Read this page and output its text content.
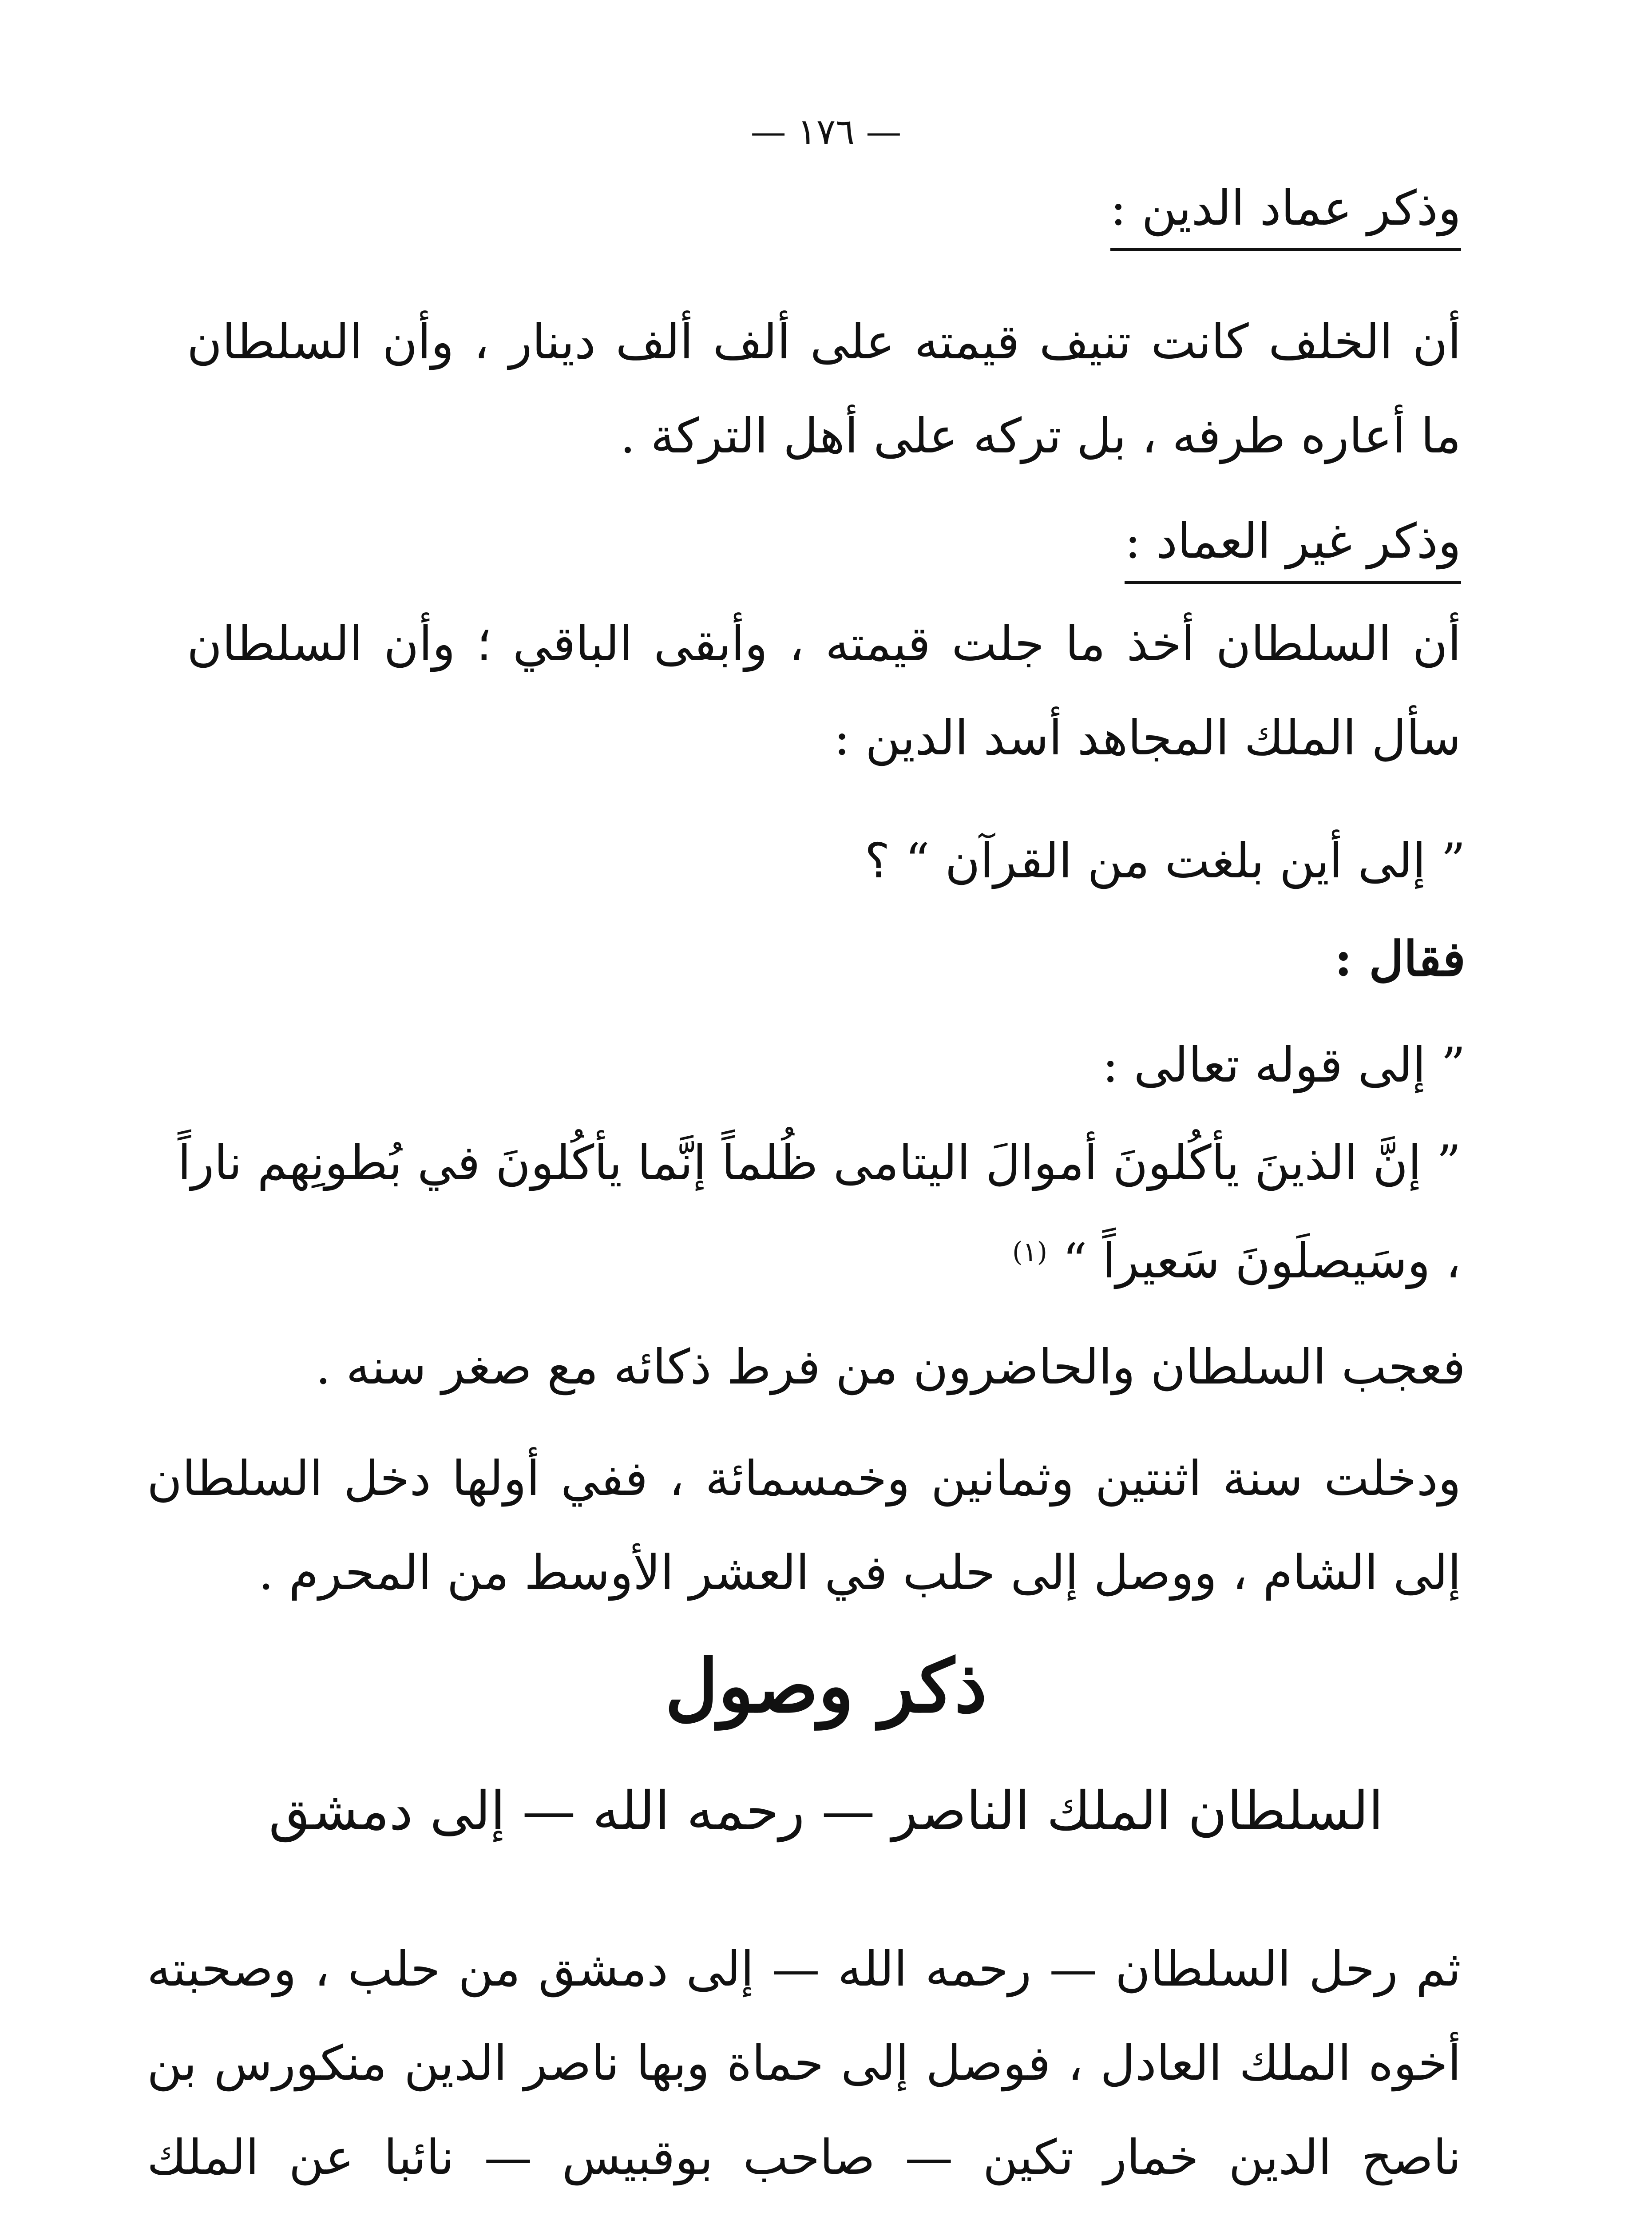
— ١٧٦ —
وذكر عماد الدين :
أن الخلف كانت تنيف قيمته على ألف ألف دينار ، وأن السلطان ما أعاره طرفه ، بل تركه على أهل التركة .
وذكر غير العماد :
أن السلطان أخذ ما جلت قيمته ، وأبقى الباقي ؛ وأن السلطان سأل الملك المجاهد أسد الدين :
” إلى أين بلغت من القرآن “ ؟
فقال :
” إلى قوله تعالى :
” إنَّ الذينَ يأكُلونَ أموالَ اليتامى ظُلماً إنَّما يأكُلونَ في بُطونِهم ناراً ، وسَيصلَونَ سَعيراً “ $^{(١)}$
فعجب السلطان والحاضرون من فرط ذكائه مع صغر سنه .
ودخلت سنة اثنتين وثمانين وخمسمائة ، ففي أولها دخل السلطان إلى الشام ، ووصل إلى حلب في العشر الأوسط من المحرم .
ذكر وصول
السلطان الملك الناصر — رحمه الله — إلى دمشق
ثم رحل السلطان — رحمه الله — إلى دمشق من حلب ، وصحبته أخوه الملك العادل ، فوصل إلى حماة وبها ناصر الدين منكورس بن ناصح الدين خمار تكين — صاحب بوقبيس — نائبا عن الملك
